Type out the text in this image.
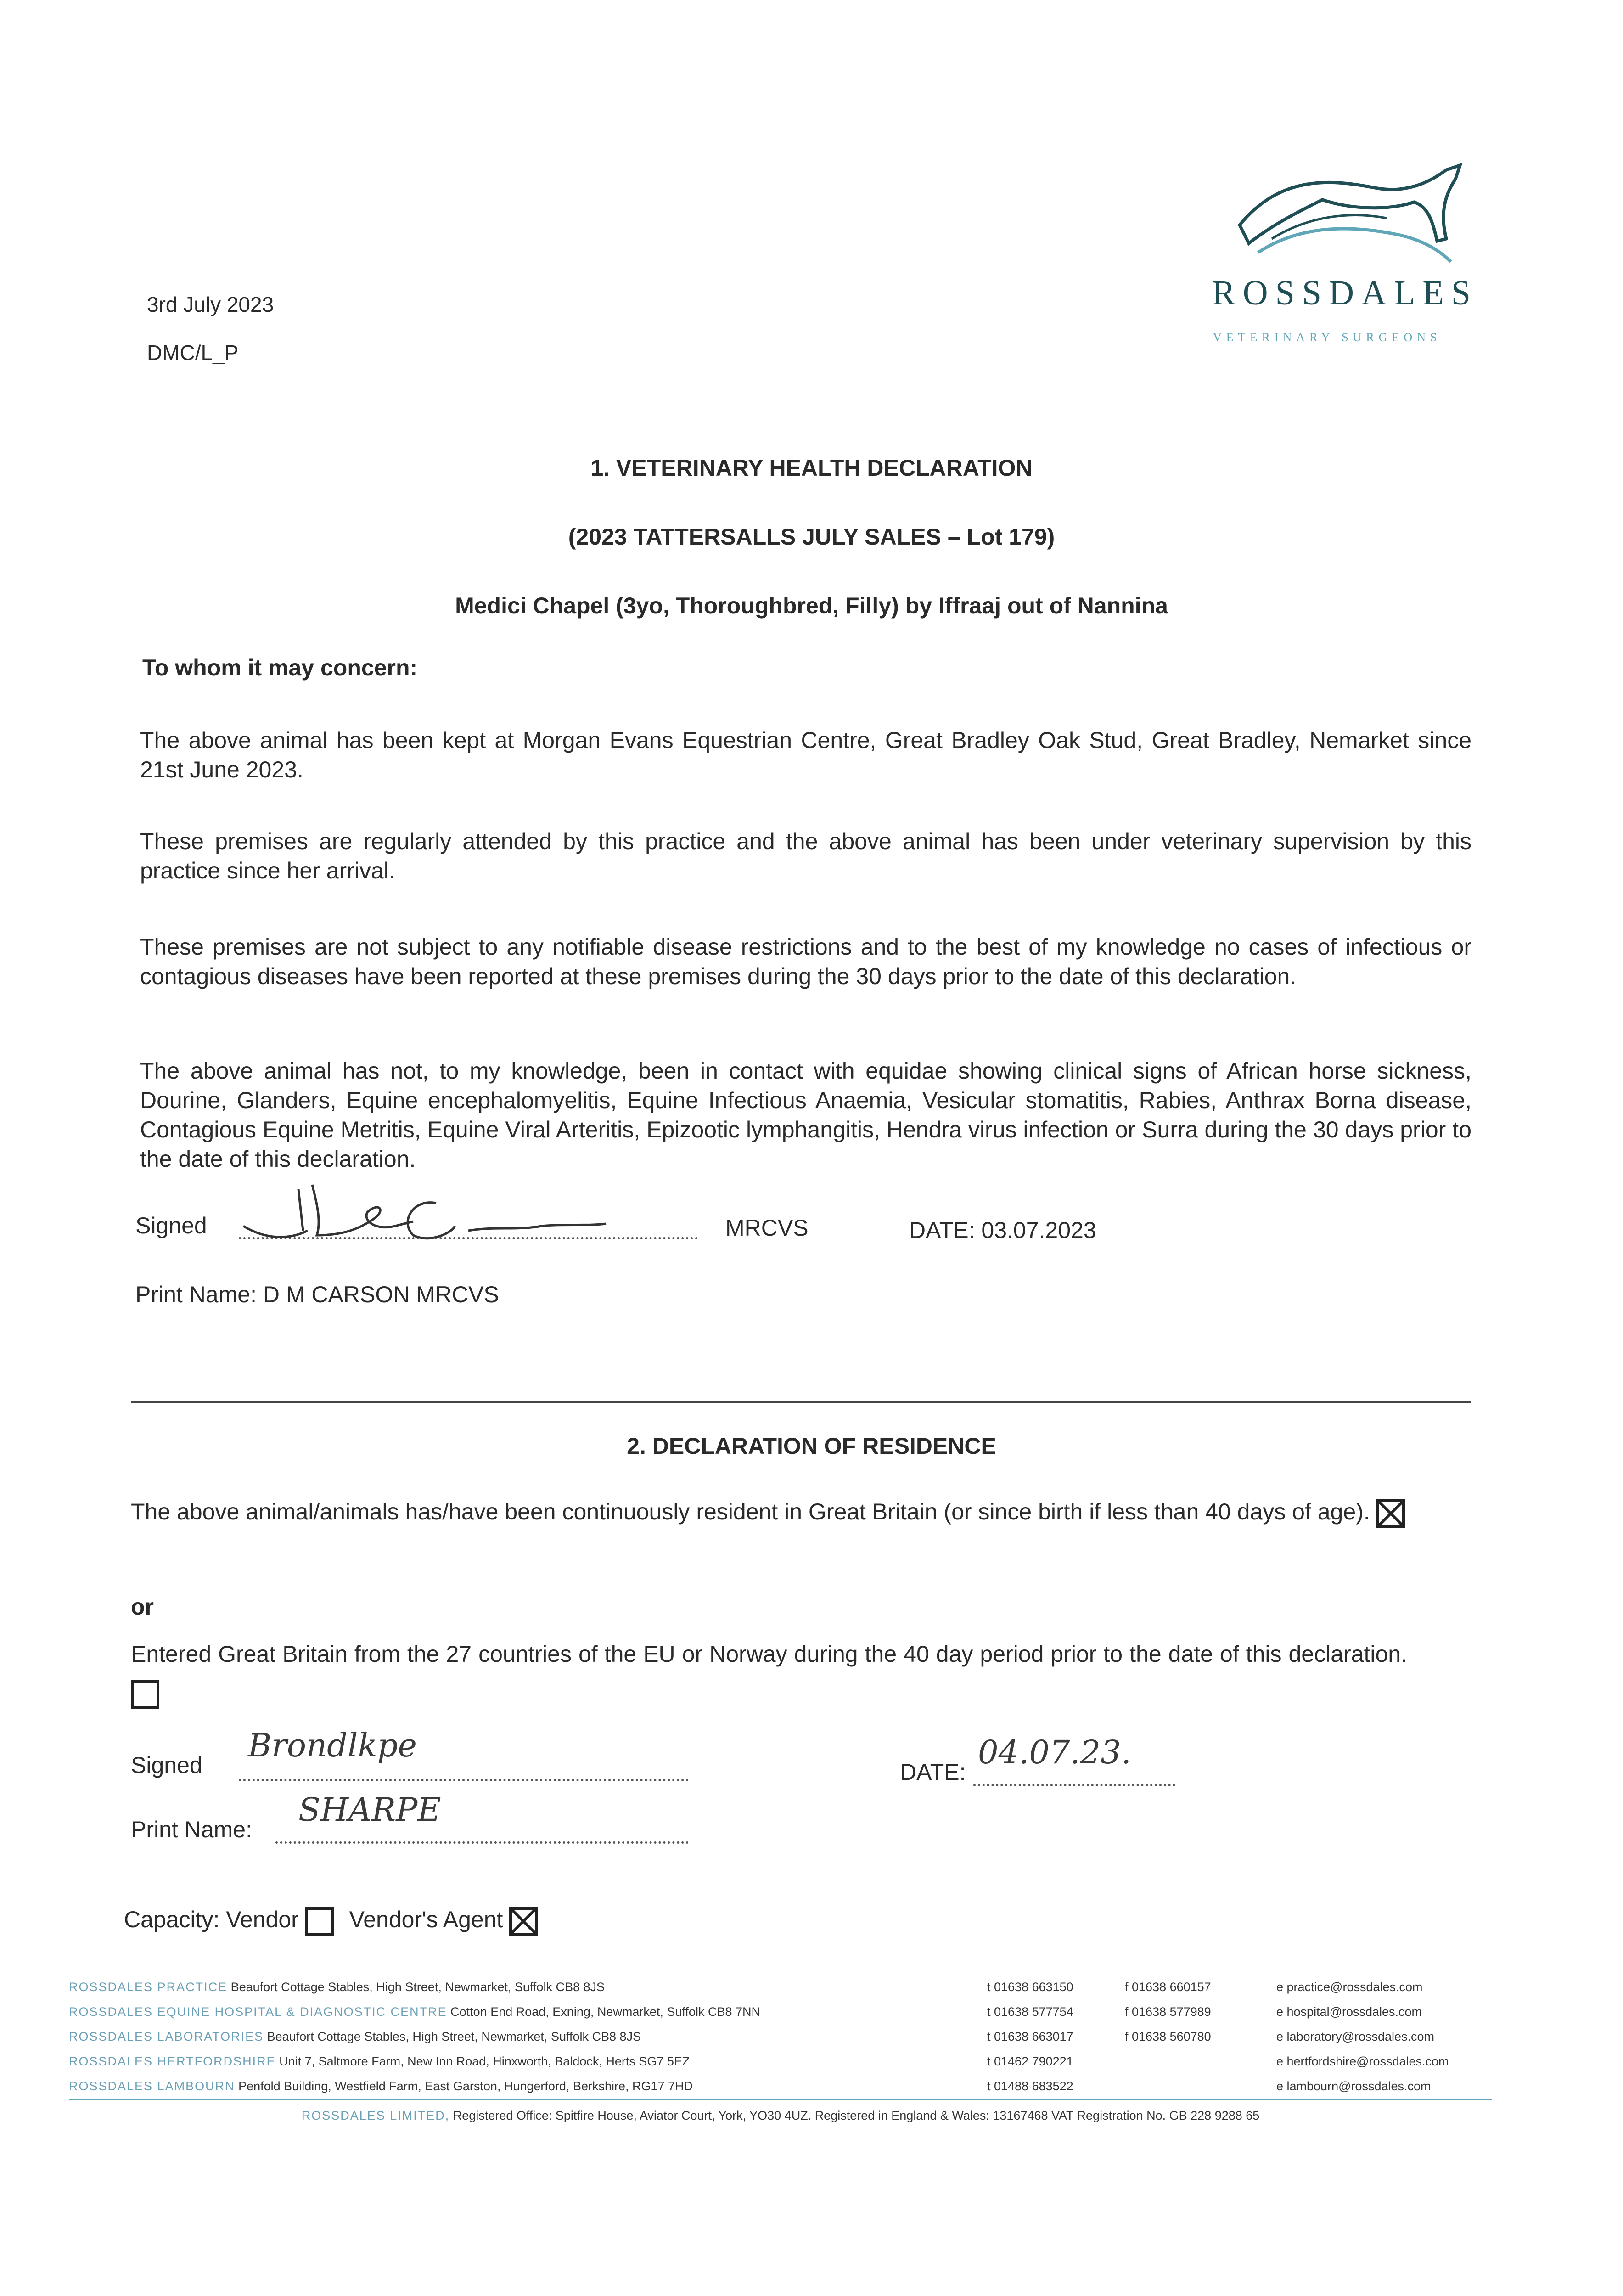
3rd July 2023
DMC/L_P
ROSSDALES
VETERINARY SURGEONS
1. VETERINARY HEALTH DECLARATION
(2023 TATTERSALLS JULY SALES – Lot 179)
Medici Chapel (3yo, Thoroughbred, Filly) by Iffraaj out of Nannina
To whom it may concern:
The above animal has been kept at Morgan Evans Equestrian Centre, Great Bradley Oak Stud, Great Bradley, Nemarket since 21st June 2023.
These premises are regularly attended by this practice and the above animal has been under veterinary supervision by this practice since her arrival.
These premises are not subject to any notifiable disease restrictions and to the best of my knowledge no cases of infectious or contagious diseases have been reported at these premises during the 30 days prior to the date of this declaration.
The above animal has not, to my knowledge, been in contact with equidae showing clinical signs of African horse sickness, Dourine, Glanders, Equine encephalomyelitis, Equine Infectious Anaemia, Vesicular stomatitis, Rabies, Anthrax Borna disease, Contagious Equine Metritis, Equine Viral Arteritis, Epizootic lymphangitis, Hendra virus infection or Surra during the 30 days prior to the date of this declaration.
Signed	MRCVS	DATE: 03.07.2023
Print Name: D M CARSON MRCVS
2. DECLARATION OF RESIDENCE
The above animal/animals has/have been continuously resident in Great Britain (or since birth if less than 40 days of age).
or
Entered Great Britain from the 27 countries of the EU or Norway during the 40 day period prior to the date of this declaration.
Signed
Brondlkpe
DATE:
04.07.23.
Print Name:
SHARPE
Capacity: Vendor Vendor's Agent
ROSSDALES PRACTICE Beaufort Cottage Stables, High Street, Newmarket, Suffolk CB8 8JS	t 01638 663150	f 01638 660157	e practice@rossdales.com
ROSSDALES EQUINE HOSPITAL & DIAGNOSTIC CENTRE Cotton End Road, Exning, Newmarket, Suffolk CB8 7NN	t 01638 577754	f 01638 577989	e hospital@rossdales.com
ROSSDALES LABORATORIES Beaufort Cottage Stables, High Street, Newmarket, Suffolk CB8 8JS	t 01638 663017	f 01638 560780	e laboratory@rossdales.com
ROSSDALES HERTFORDSHIRE Unit 7, Saltmore Farm, New Inn Road, Hinxworth, Baldock, Herts SG7 5EZ	t 01462 790221	e hertfordshire@rossdales.com
ROSSDALES LAMBOURN Penfold Building, Westfield Farm, East Garston, Hungerford, Berkshire, RG17 7HD	t 01488 683522	e lambourn@rossdales.com
ROSSDALES LIMITED, Registered Office: Spitfire House, Aviator Court, York, YO30 4UZ. Registered in England & Wales: 13167468 VAT Registration No. GB 228 9288 65
